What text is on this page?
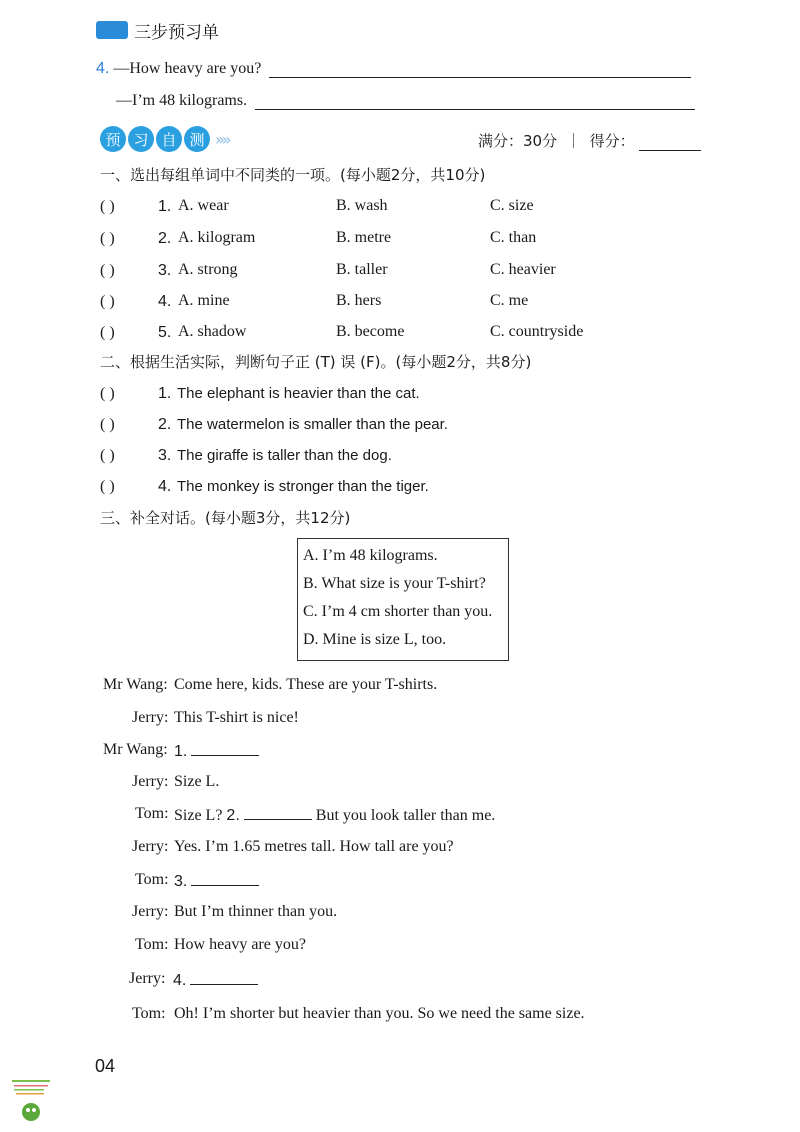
三步预习单
4. —How heavy are you?
—I’m 48 kilograms.
预 习 自 测 »»	满分：30分 ｜ 得分：
一、选出每组单词中不同类的一项。(每小题2分，共10分)
( )	1. A. wear	B. wash	C. size
( )	2. A. kilogram	B. metre	C. than
( )	3. A. strong	B. taller	C. heavier
( )	4. A. mine	B. hers	C. me
( )	5. A. shadow	B. become	C. countryside
二、根据生活实际，判断句子正 (T) 误 (F)。(每小题2分，共8分)
( )	1. The elephant is heavier than the cat.
( )	2. The watermelon is smaller than the pear.
( )	3. The giraffe is taller than the dog.
( )	4. The monkey is stronger than the tiger.
三、补全对话。(每小题3分，共12分)
A. I’m 48 kilograms.
B. What size is your T-shirt?
C. I’m 4 cm shorter than you.
D. Mine is size L, too.
Mr Wang: Come here, kids. These are your T-shirts.
Jerry: This T-shirt is nice!
Mr Wang: 1.
Jerry: Size L.
Tom: Size L? 2.	But you look taller than me.
Jerry: Yes. I’m 1.65 metres tall. How tall are you?
Tom: 3.
Jerry: But I’m thinner than you.
Tom: How heavy are you?
Jerry: 4.
Tom: Oh! I’m shorter but heavier than you. So we need the same size.
04
